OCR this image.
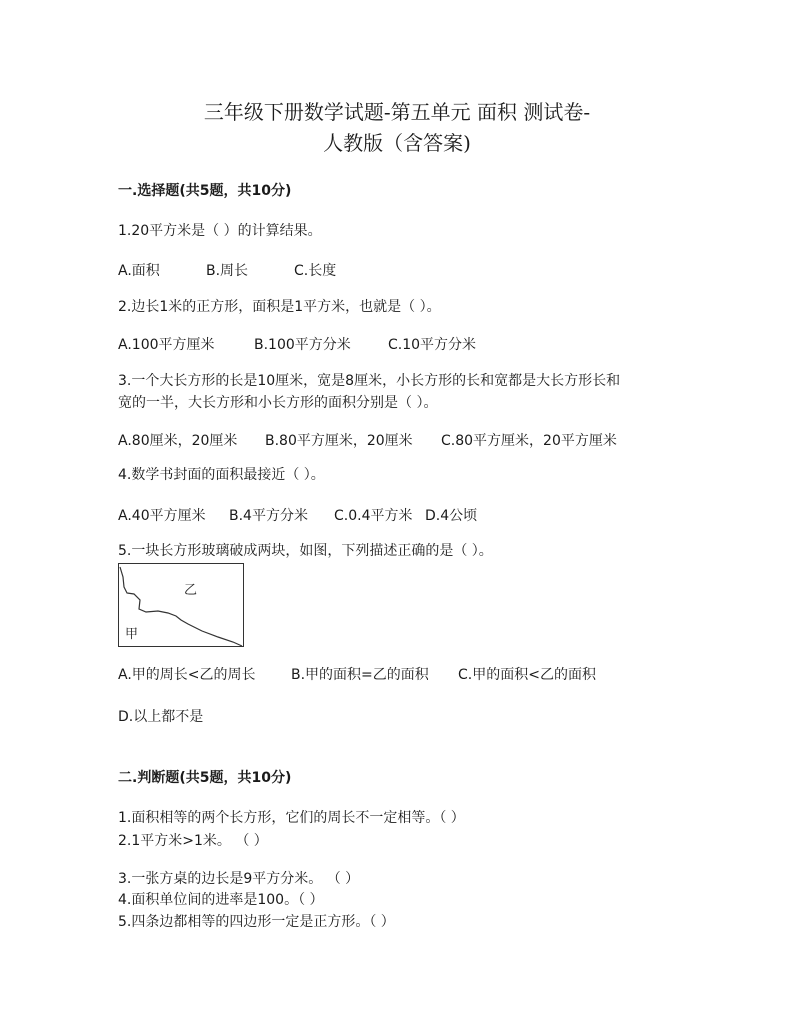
三年级下册数学试题-第五单元 面积 测试卷-
人教版（含答案)
一.选择题(共5题，共10分)
1.20平方米是（ ）的计算结果。
A.面积	B.周长	C.长度
2.边长1米的正方形，面积是1平方米，也就是（ ）。
A.100平方厘米	B.100平方分米	C.10平方分米
3.一个大长方形的长是10厘米，宽是8厘米，小长方形的长和宽都是大长方形长和
宽的一半，大长方形和小长方形的面积分别是（ ）。
A.80厘米，20厘米 B.80平方厘米，20厘米 C.80平方厘米，20平方厘米
4.数学书封面的面积最接近（ ）。
A.40平方厘米 B.4平方分米 C.0.4平方米 D.4公顷
5.一块长方形玻璃破成两块，如图，下列描述正确的是（ ）。
乙
甲
A.甲的周长<乙的周长	B.甲的面积=乙的面积 C.甲的面积<乙的面积
D.以上都不是
二.判断题(共5题，共10分)
1.面积相等的两个长方形，它们的周长不一定相等。（ ）
2.1平方米>1米。 （ ）
3.一张方桌的边长是9平方分米。 （ ）
4.面积单位间的进率是100。（ ）
5.四条边都相等的四边形一定是正方形。（ ）
